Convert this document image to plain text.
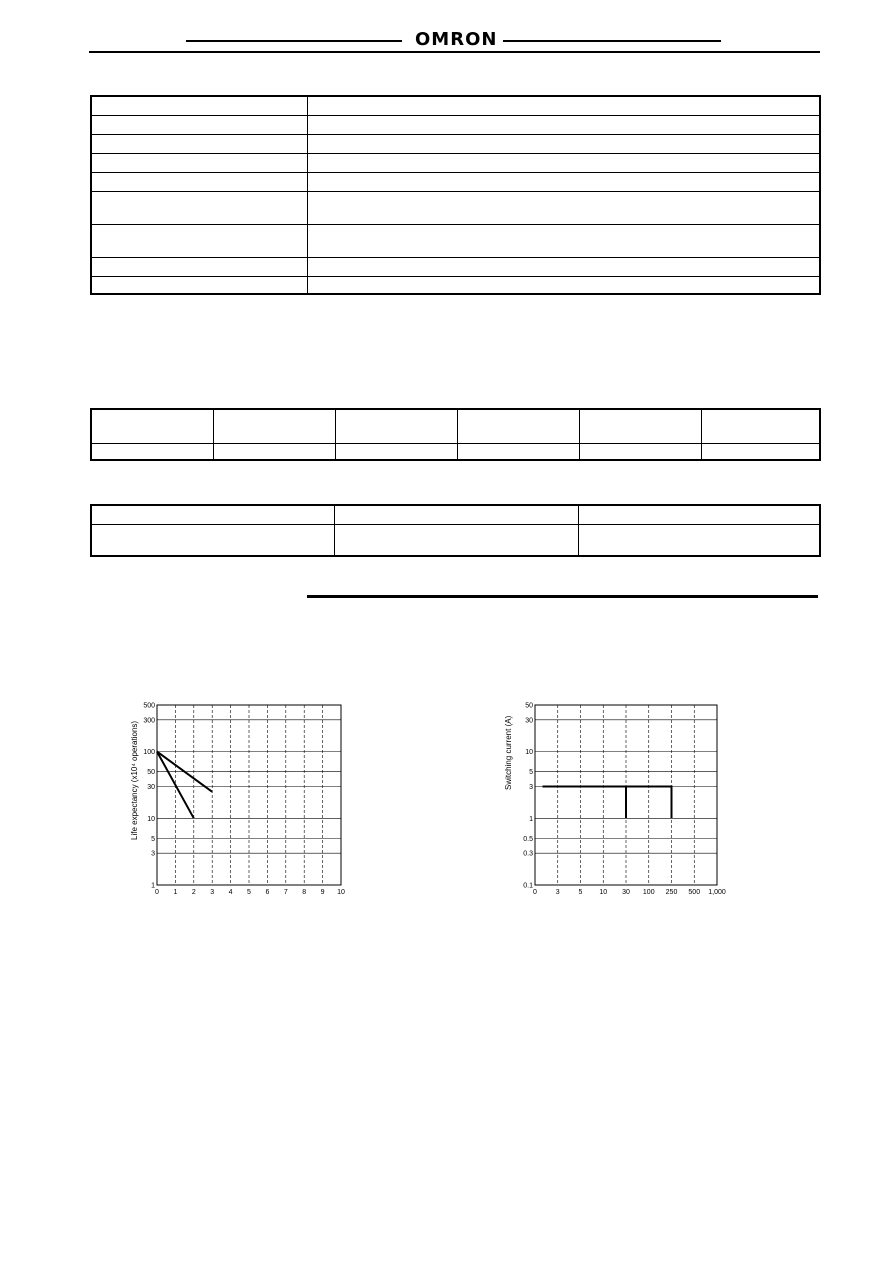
OMRON

Life expectancy (x10⁴ operations)
0 1 2 3 4 5 6 7 8 9 10
500
300
100
50
30
10
5
3
1
Switching current (A)
0	3	5 10 30 100 250 500 1,000
50
30
10
5
3
1
0.5
0.3
0.1
